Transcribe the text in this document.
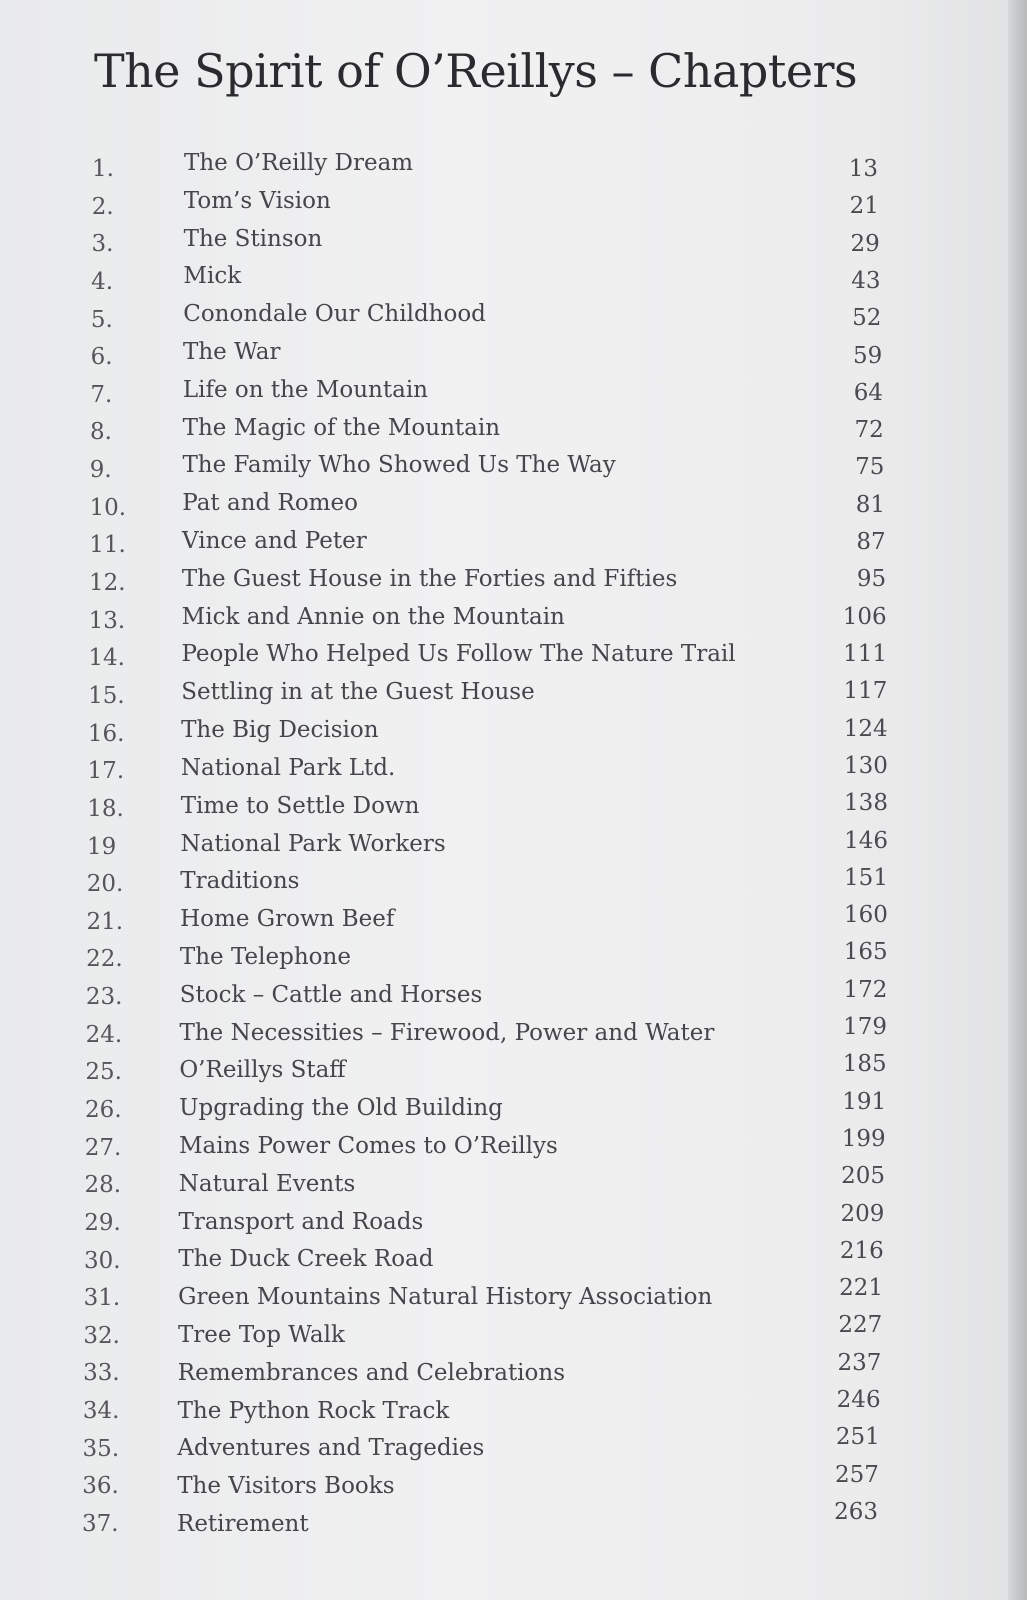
The Spirit of O’Reillys – Chapters
1.	The O’Reilly Dream	13
2.	Tom’s Vision	21
3.	The Stinson	29
4.	Mick	43
5.	Conondale Our Childhood	52
6.	The War	59
7.	Life on the Mountain	64
8.	The Magic of the Mountain	72
9.	The Family Who Showed Us The Way	75
10. Pat and Romeo	81
11. Vince and Peter	87
12. The Guest House in the Forties and Fifties	95
13. Mick and Annie on the Mountain	106
14. People Who Helped Us Follow The Nature Trail	111
15. Settling in at the Guest House	117
16. The Big Decision	124
17. National Park Ltd.	130
18. Time to Settle Down	138
19	National Park Workers	146
20. Traditions	151
21. Home Grown Beef	160
22. The Telephone	165
23. Stock – Cattle and Horses	172
24. The Necessities – Firewood, Power and Water	179
25. O’Reillys Staff	185
26.	Upgrading the Old Building	191
27.	Mains Power Comes to O’Reillys	199
28.	Natural Events	205
29.	Transport and Roads	209
30.	The Duck Creek Road	216
31.	Green Mountains Natural History Association	221
32.	Tree Top Walk	227
33.	Remembrances and Celebrations	237
34.	The Python Rock Track	246
35.	Adventures and Tragedies	251
36.	The Visitors Books	257
37.	Retirement	263
